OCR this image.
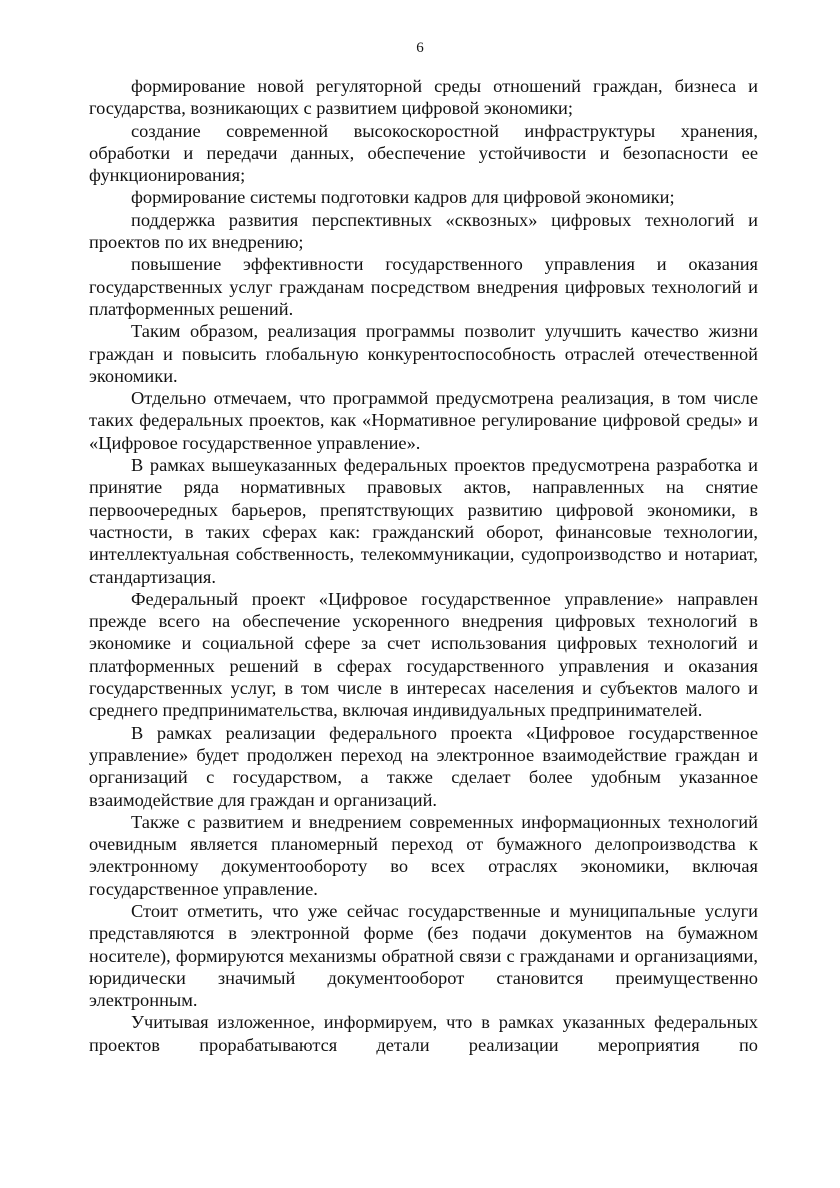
6

формирование новой регуляторной среды отношений граждан, бизнеса и государства, возникающих с развитием цифровой экономики;

создание современной высокоскоростной инфраструктуры хранения, обработки и передачи данных, обеспечение устойчивости и безопасности ее функционирования;

формирование системы подготовки кадров для цифровой экономики;

поддержка развития перспективных «сквозных» цифровых технологий и проектов по их внедрению;

повышение эффективности государственного управления и оказания государственных услуг гражданам посредством внедрения цифровых технологий и платформенных решений.

Таким образом, реализация программы позволит улучшить качество жизни граждан и повысить глобальную конкурентоспособность отраслей отечественной экономики.

Отдельно отмечаем, что программой предусмотрена реализация, в том числе таких федеральных проектов, как «Нормативное регулирование цифровой среды» и «Цифровое государственное управление».

В рамках вышеуказанных федеральных проектов предусмотрена разработка и принятие ряда нормативных правовых актов, направленных на снятие первоочередных барьеров, препятствующих развитию цифровой экономики, в частности, в таких сферах как: гражданский оборот, финансовые технологии, интеллектуальная собственность, телекоммуникации, судопроизводство и нотариат, стандартизация.

Федеральный проект «Цифровое государственное управление» направлен прежде всего на обеспечение ускоренного внедрения цифровых технологий в экономике и социальной сфере за счет использования цифровых технологий и платформенных решений в сферах государственного управления и оказания государственных услуг, в том числе в интересах населения и субъектов малого и среднего предпринимательства, включая индивидуальных предпринимателей.

В рамках реализации федерального проекта «Цифровое государственное управление» будет продолжен переход на электронное взаимодействие граждан и организаций с государством, а также сделает более удобным указанное взаимодействие для граждан и организаций.

Также с развитием и внедрением современных информационных технологий очевидным является планомерный переход от бумажного делопроизводства к электронному документообороту во всех отраслях экономики, включая государственное управление.

Стоит отметить, что уже сейчас государственные и муниципальные услуги представляются в электронной форме (без подачи документов на бумажном носителе), формируются механизмы обратной связи с гражданами и организациями, юридически значимый документооборот становится преимущественно электронным.

Учитывая изложенное, информируем, что в рамках указанных федеральных проектов прорабатываются детали реализации мероприятия по
